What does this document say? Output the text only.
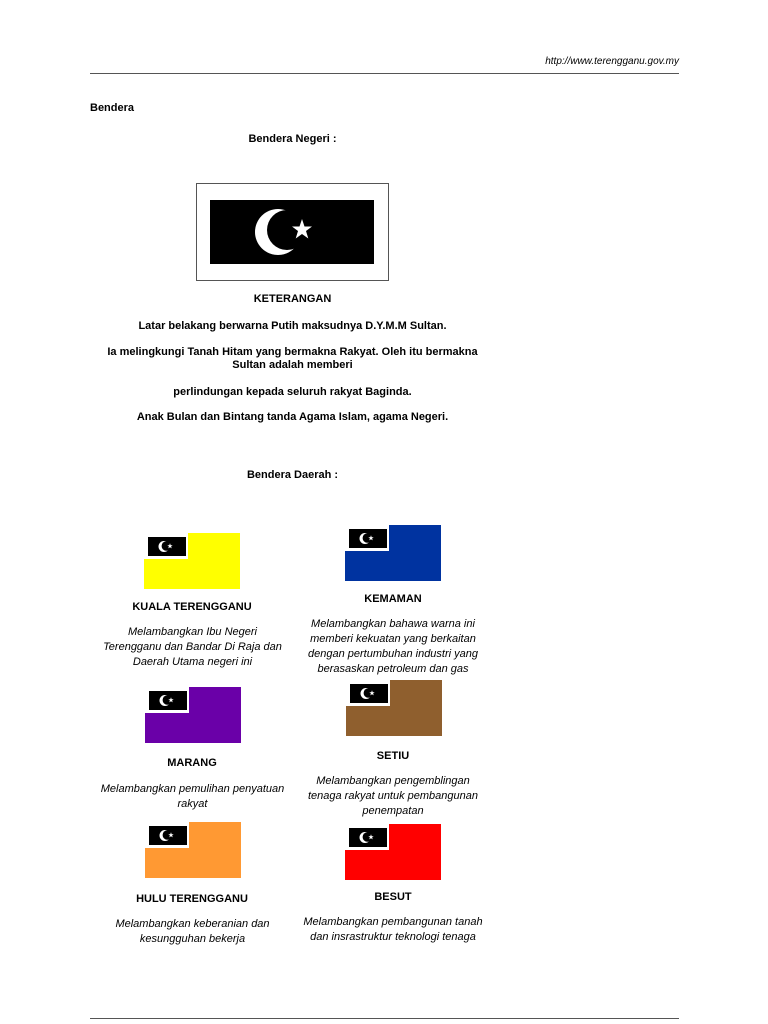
http://www.terengganu.gov.my
Bendera
Bendera Negeri :
KETERANGAN
Latar belakang berwarna Putih maksudnya D.Y.M.M Sultan.
Ia melingkungi Tanah Hitam yang bermakna Rakyat. Oleh itu bermakna
Sultan adalah memberi
perlindungan kepada seluruh rakyat Baginda.
Anak Bulan dan Bintang tanda Agama Islam, agama Negeri.
Bendera Daerah :
KUALA TERENGGANU
KEMAMAN
MARANG
SETIU
HULU TERENGGANU	BESUT
Melambangkan Ibu Negeri
Terengganu dan Bandar Di Raja dan
Daerah Utama negeri ini
Melambangkan bahawa warna ini
memberi kekuatan yang berkaitan
dengan pertumbuhan industri yang
berasaskan petroleum dan gas
Melambangkan pemulihan penyatuan
rakyat
Melambangkan pengemblingan
tenaga rakyat untuk pembangunan
penempatan
Melambangkan keberanian dan
kesungguhan bekerja
Melambangkan pembangunan tanah
dan insrastruktur teknologi tenaga
